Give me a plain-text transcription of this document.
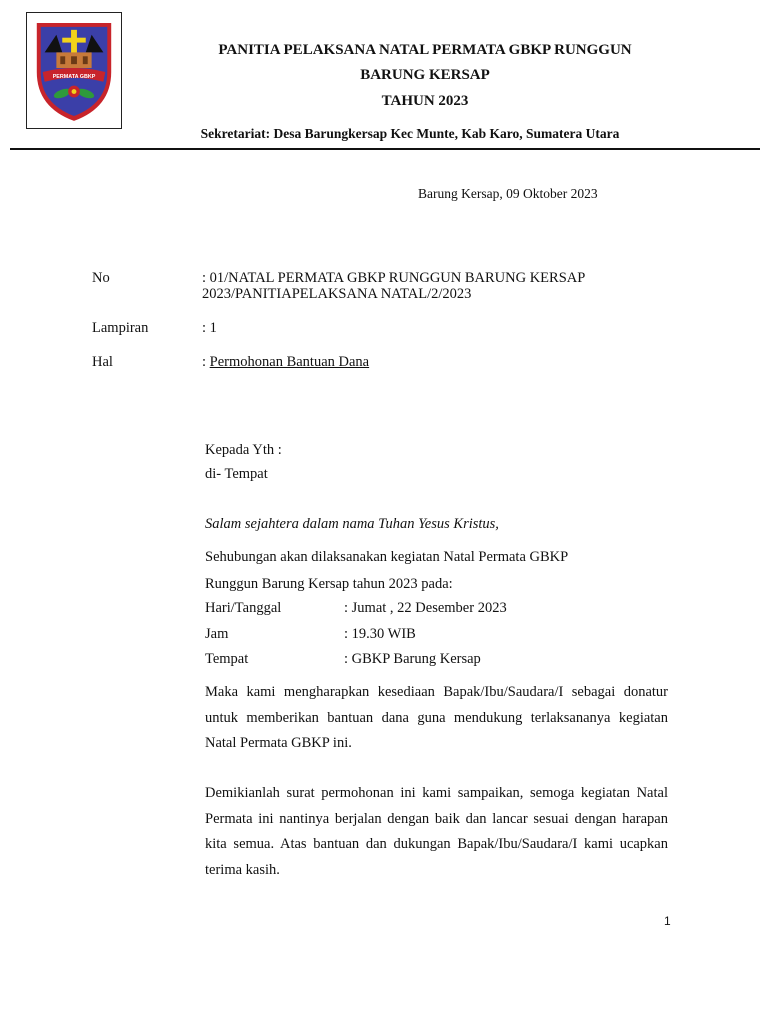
PERMATA GBKP
PANITIA PELAKSANA NATAL PERMATA GBKP RUNGGUN
BARUNG KERSAP
TAHUN 2023
Sekretariat: Desa Barungkersap Kec Munte, Kab Karo, Sumatera Utara
Barung Kersap, 09 Oktober 2023
No	: 01/NATAL PERMATA GBKP RUNGGUN BARUNG KERSAP
2023/PANITIAPELAKSANA NATAL/2/2023
Lampiran	: 1
Hal	: Permohonan Bantuan Dana
Kepada Yth :
di- Tempat
Salam sejahtera dalam nama Tuhan Yesus Kristus,
Sehubungan akan dilaksanakan kegiatan Natal Permata GBKP
Runggun Barung Kersap tahun 2023 pada:
Hari/Tanggal	: Jumat , 22 Desember 2023
Jam	: 19.30 WIB
Tempat	: GBKP Barung Kersap
Maka kami mengharapkan kesediaan Bapak/Ibu/Saudara/I sebagai donatur untuk memberikan bantuan dana guna mendukung terlaksananya kegiatan Natal Permata GBKP ini.
Demikianlah surat permohonan ini kami sampaikan, semoga kegiatan Natal Permata ini nantinya berjalan dengan baik dan lancar sesuai dengan harapan kita semua. Atas bantuan dan dukungan Bapak/Ibu/Saudara/I kami ucapkan terima kasih.
1
